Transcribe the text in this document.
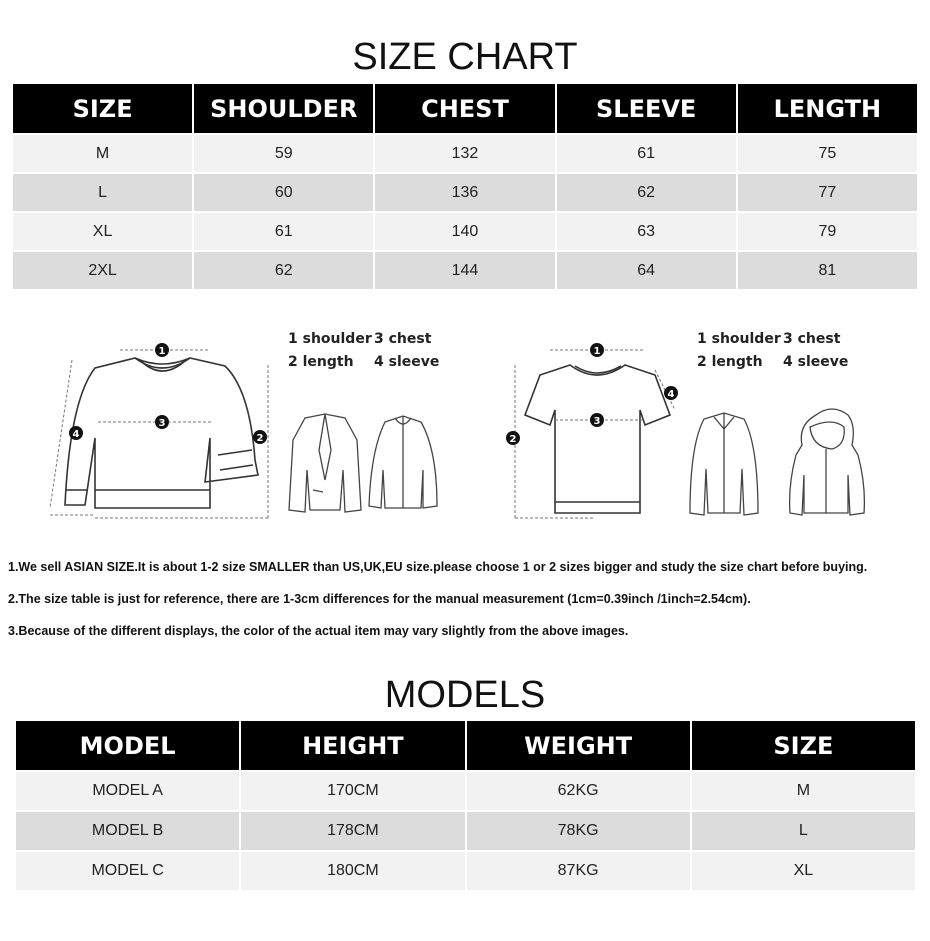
SIZE CHART
SIZE	SHOULDER	CHEST	SLEEVE	LENGTH
M	59	132	61	75
L	60	136	62	77
XL	61	140	63	79
2XL	62	144	64	81
1
3
2
4
1 shoulder 3 chest
2 length 4 sleeve
1
3
2
4
1 shoulder 3 chest
2 length 4 sleeve

1.We sell ASIAN SIZE.It is about 1-2 size SMALLER than US,UK,EU size.please choose 1 or 2 sizes bigger and study the size chart before buying.

2.The size table is just for reference, there are 1-3cm differences for the manual measurement (1cm=0.39inch /1inch=2.54cm).

3.Because of the different displays, the color of the actual item may vary slightly from the above images.

MODELS
MODEL	HEIGHT	WEIGHT	SIZE
MODEL A	170CM	62KG	M
MODEL B	178CM	78KG	L
MODEL C	180CM	87KG	XL
